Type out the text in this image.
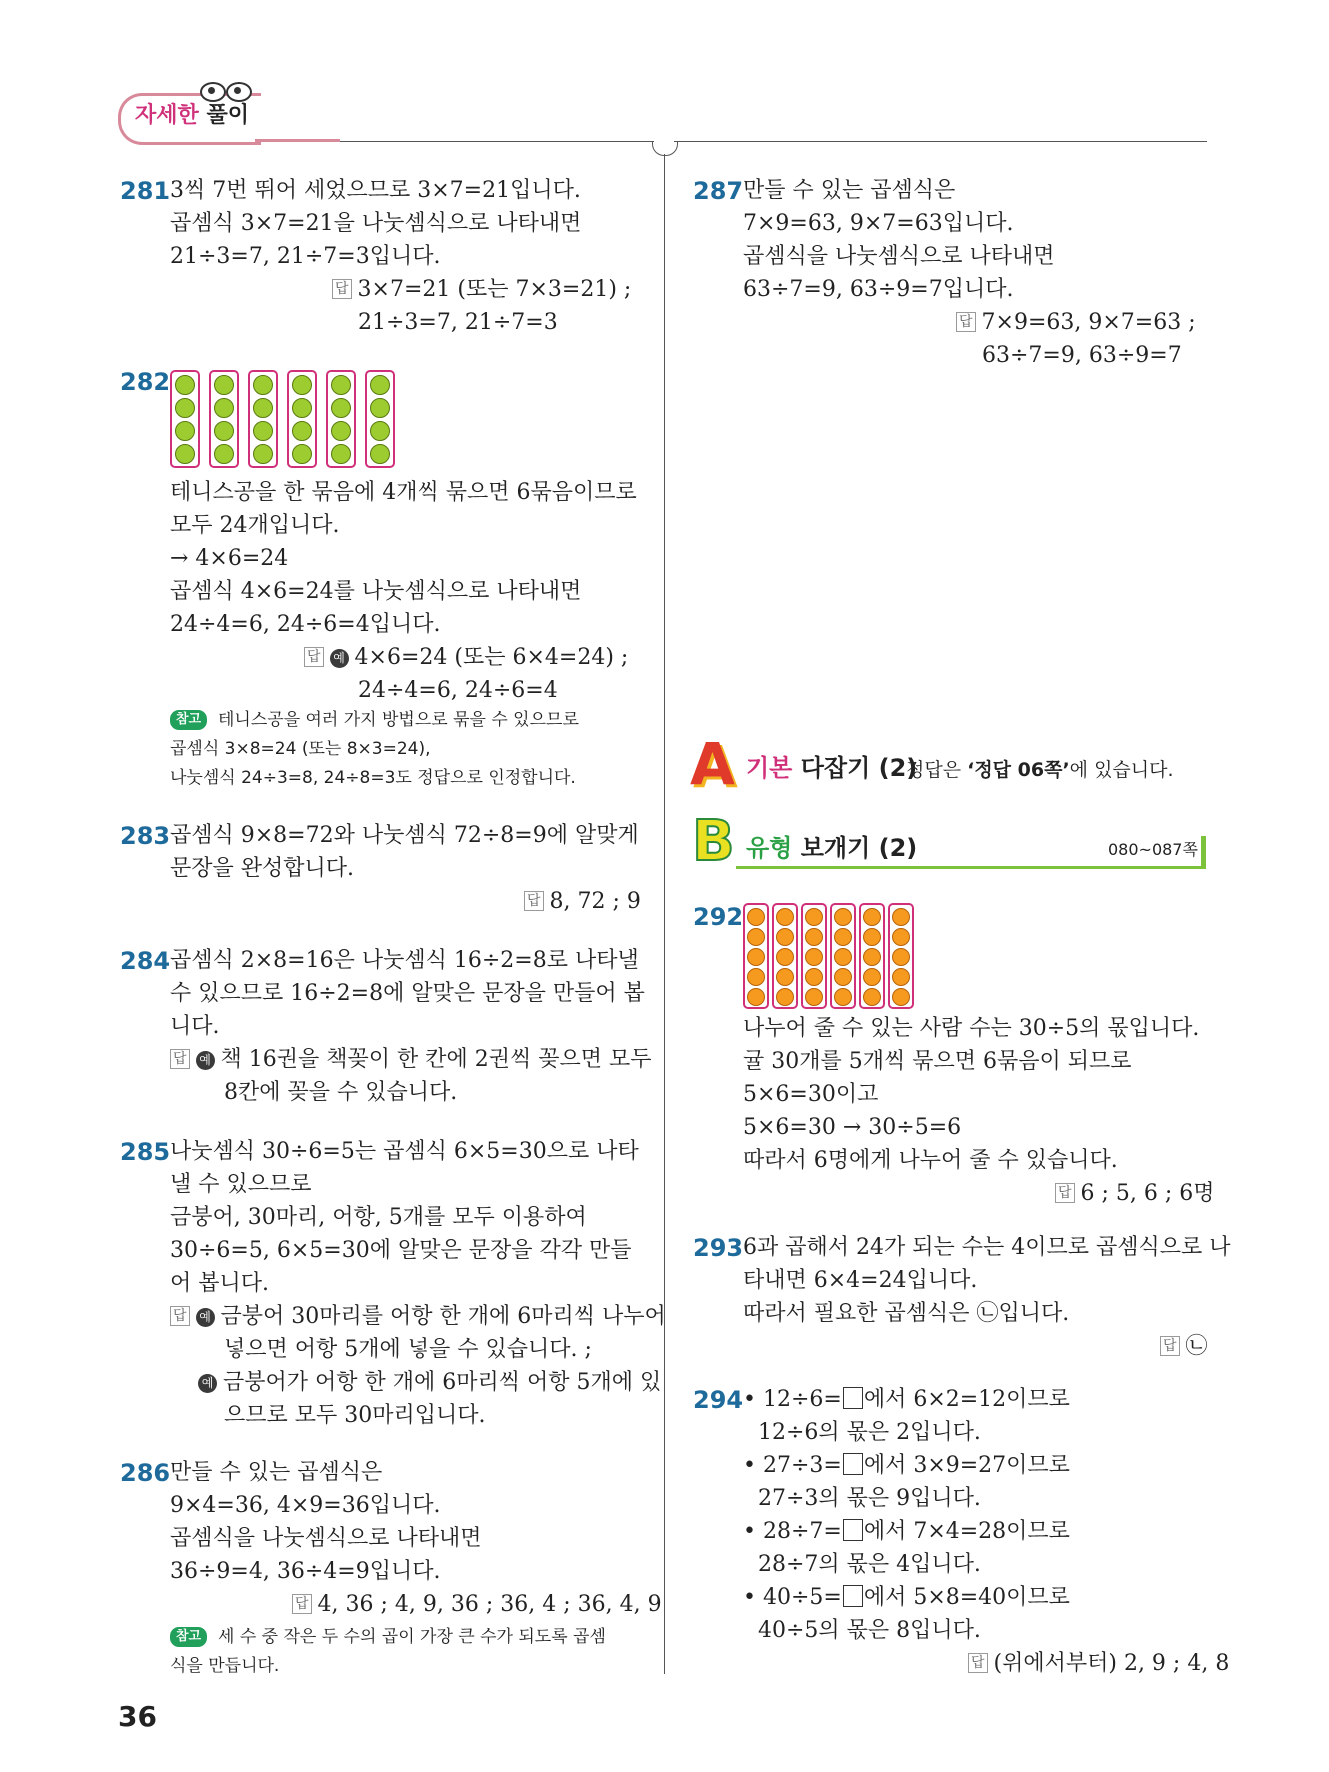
자세한 풀이
281 3씩 7번 뛰어 세었으므로 3×7=21입니다.
곱셈식 3×7=21을 나눗셈식으로 나타내면
21÷3=7, 21÷7=3입니다.
답 3×7=21 (또는 7×3=21) ;
21÷3=7, 21÷7=3
282
테니스공을 한 묶음에 4개씩 묶으면 6묶음이므로
모두 24개입니다.
→ 4×6=24
곱셈식 4×6=24를 나눗셈식으로 나타내면
24÷4=6, 24÷6=4입니다.
답 예 4×6=24 (또는 6×4=24) ;
24÷4=6, 24÷6=4
참고 테니스공을 여러 가지 방법으로 묶을 수 있으므로
곱셈식 3×8=24 (또는 8×3=24),
나눗셈식 24÷3=8, 24÷8=3도 정답으로 인정합니다.
283 곱셈식 9×8=72와 나눗셈식 72÷8=9에 알맞게
문장을 완성합니다.
답 8, 72 ; 9
284 곱셈식 2×8=16은 나눗셈식 16÷2=8로 나타낼
수 있으므로 16÷2=8에 알맞은 문장을 만들어 봅
니다.
답 예 책 16권을 책꽂이 한 칸에 2권씩 꽂으면 모두
8칸에 꽂을 수 있습니다.
285 나눗셈식 30÷6=5는 곱셈식 6×5=30으로 나타
낼 수 있으므로
금붕어, 30마리, 어항, 5개를 모두 이용하여
30÷6=5, 6×5=30에 알맞은 문장을 각각 만들
어 봅니다.
답 예 금붕어 30마리를 어항 한 개에 6마리씩 나누어
넣으면 어항 5개에 넣을 수 있습니다. ;
예 금붕어가 어항 한 개에 6마리씩 어항 5개에 있
으므로 모두 30마리입니다.
286 만들 수 있는 곱셈식은
9×4=36, 4×9=36입니다.
곱셈식을 나눗셈식으로 나타내면
36÷9=4, 36÷4=9입니다.
답 4, 36 ; 4, 9, 36 ; 36, 4 ; 36, 4, 9
참고 세 수 중 작은 두 수의 곱이 가장 큰 수가 되도록 곱셈
식을 만듭니다.
36
287 만들 수 있는 곱셈식은
7×9=63, 9×7=63입니다.
곱셈식을 나눗셈식으로 나타내면
63÷7=9, 63÷9=7입니다.
답 7×9=63, 9×7=63 ;
63÷7=9, 63÷9=7
A 기본 다잡기 (2)
정답은 ‘정답 06쪽’에 있습니다.
B 유형 보개기 (2)	080~087쪽
292
나누어 줄 수 있는 사람 수는 30÷5의 몫입니다.
귤 30개를 5개씩 묶으면 6묶음이 되므로
5×6=30이고
5×6=30 → 30÷5=6
따라서 6명에게 나누어 줄 수 있습니다.
답 6 ; 5, 6 ; 6명
293 6과 곱해서 24가 되는 수는 4이므로 곱셈식으로 나
타내면 6×4=24입니다.
따라서 필요한 곱셈식은 ㉡입니다.
답 ㉡
294 • 12÷6= 에서 6×2=12이므로
12÷6의 몫은 2입니다.
• 27÷3= 에서 3×9=27이므로
27÷3의 몫은 9입니다.
• 28÷7= 에서 7×4=28이므로
28÷7의 몫은 4입니다.
• 40÷5= 에서 5×8=40이므로
40÷5의 몫은 8입니다.
답 (위에서부터) 2, 9 ; 4, 8
